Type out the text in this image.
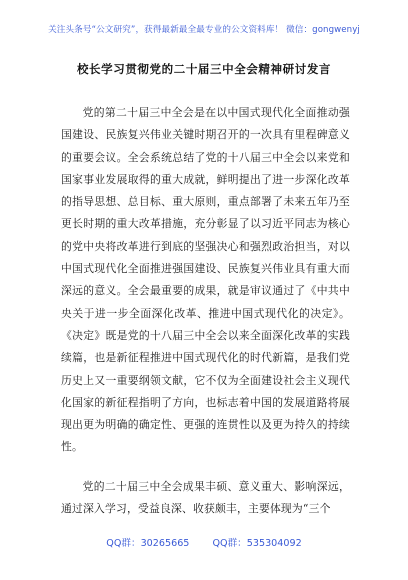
关注头条号“公文研究”，获得最新最全最专业的公文资料库！ 微信：gongwenyj
校长学习贯彻党的二十届三中全会精神研讨发言

党的第二十届三中全会是在以中国式现代化全面推动强国建设、民族复兴伟业关键时期召开的一次具有里程碑意义的重要会议。全会系统总结了党的十八届三中全会以来党和国家事业发展取得的重大成就，鲜明提出了进一步深化改革的指导思想、总目标、重大原则，重点部署了未来五年乃至更长时期的重大改革措施，充分彰显了以习近平同志为核心的党中央将改革进行到底的坚强决心和强烈政治担当，对以中国式现代化全面推进强国建设、民族复兴伟业具有重大而深远的意义。全会最重要的成果，就是审议通过了《中共中央关于进一步全面深化改革、推进中国式现代化的决定》。《决定》既是党的十八届三中全会以来全面深化改革的实践续篇，也是新征程推进中国式现代化的时代新篇，是我们党历史上又一重要纲领文献，它不仅为全面建设社会主义现代化国家的新征程指明了方向，也标志着中国的发展道路将展现出更为明确的确定性、更强的连贯性以及更为持久的持续性。

党的二十届三中全会成果丰硕、意义重大、影响深远，通过深入学习，受益良深、收获颇丰，主要体现为“三个

QQ群：30265665 QQ群：535304092
